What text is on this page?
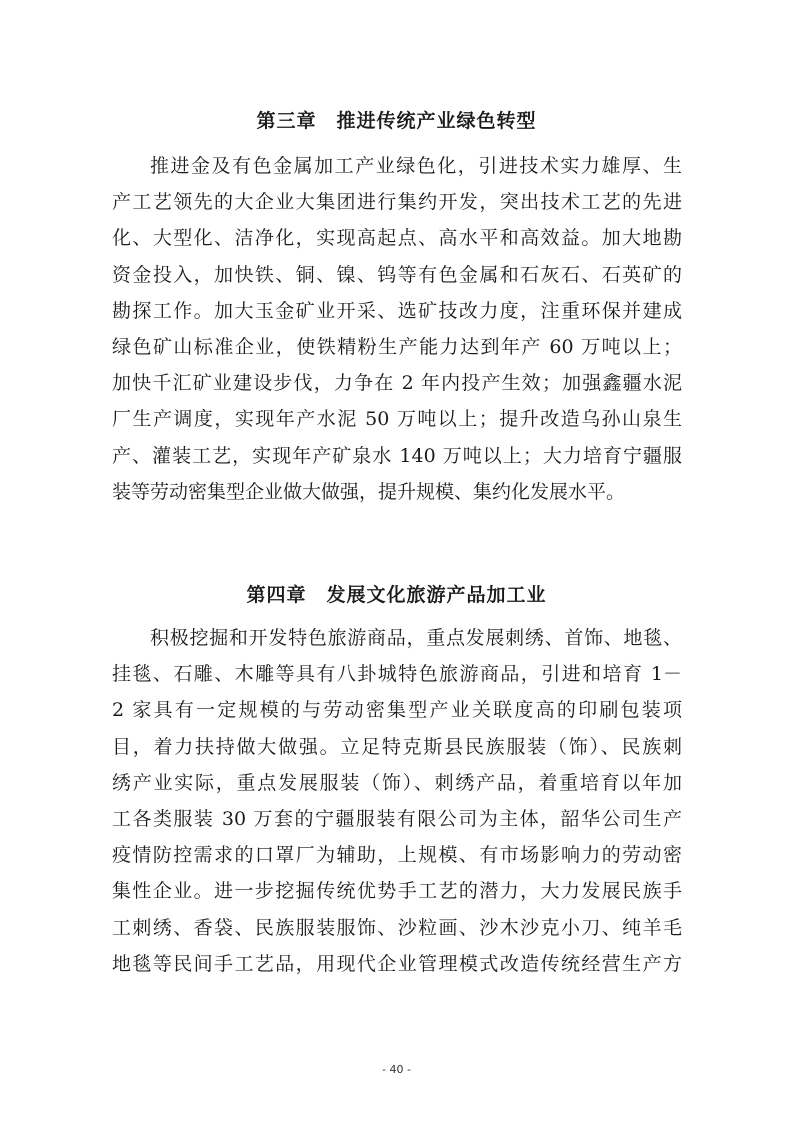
第三章　推进传统产业绿色转型
推进金及有色金属加工产业绿色化，引进技术实力雄厚、生
产工艺领先的大企业大集团进行集约开发，突出技术工艺的先进
化、大型化、洁净化，实现高起点、高水平和高效益。加大地勘
资金投入，加快铁、铜、镍、钨等有色金属和石灰石、石英矿的
勘探工作。加大玉金矿业开采、选矿技改力度，注重环保并建成
绿色矿山标准企业，使铁精粉生产能力达到年产 60 万吨以上；
加快千汇矿业建设步伐，力争在 2 年内投产生效；加强鑫疆水泥
厂生产调度，实现年产水泥 50 万吨以上；提升改造乌孙山泉生
产、灌装工艺，实现年产矿泉水 140 万吨以上；大力培育宁疆服
装等劳动密集型企业做大做强，提升规模、集约化发展水平。
第四章　发展文化旅游产品加工业
积极挖掘和开发特色旅游商品，重点发展刺绣、首饰、地毯、
挂毯、石雕、木雕等具有八卦城特色旅游商品，引进和培育 1－
2 家具有一定规模的与劳动密集型产业关联度高的印刷包装项
目，着力扶持做大做强。立足特克斯县民族服装（饰）、民族刺
绣产业实际，重点发展服装（饰）、刺绣产品，着重培育以年加
工各类服装 30 万套的宁疆服装有限公司为主体，韶华公司生产
疫情防控需求的口罩厂为辅助，上规模、有市场影响力的劳动密
集性企业。进一步挖掘传统优势手工艺的潜力，大力发展民族手
工刺绣、香袋、民族服装服饰、沙粒画、沙木沙克小刀、纯羊毛
地毯等民间手工艺品，用现代企业管理模式改造传统经营生产方
- 40 -
